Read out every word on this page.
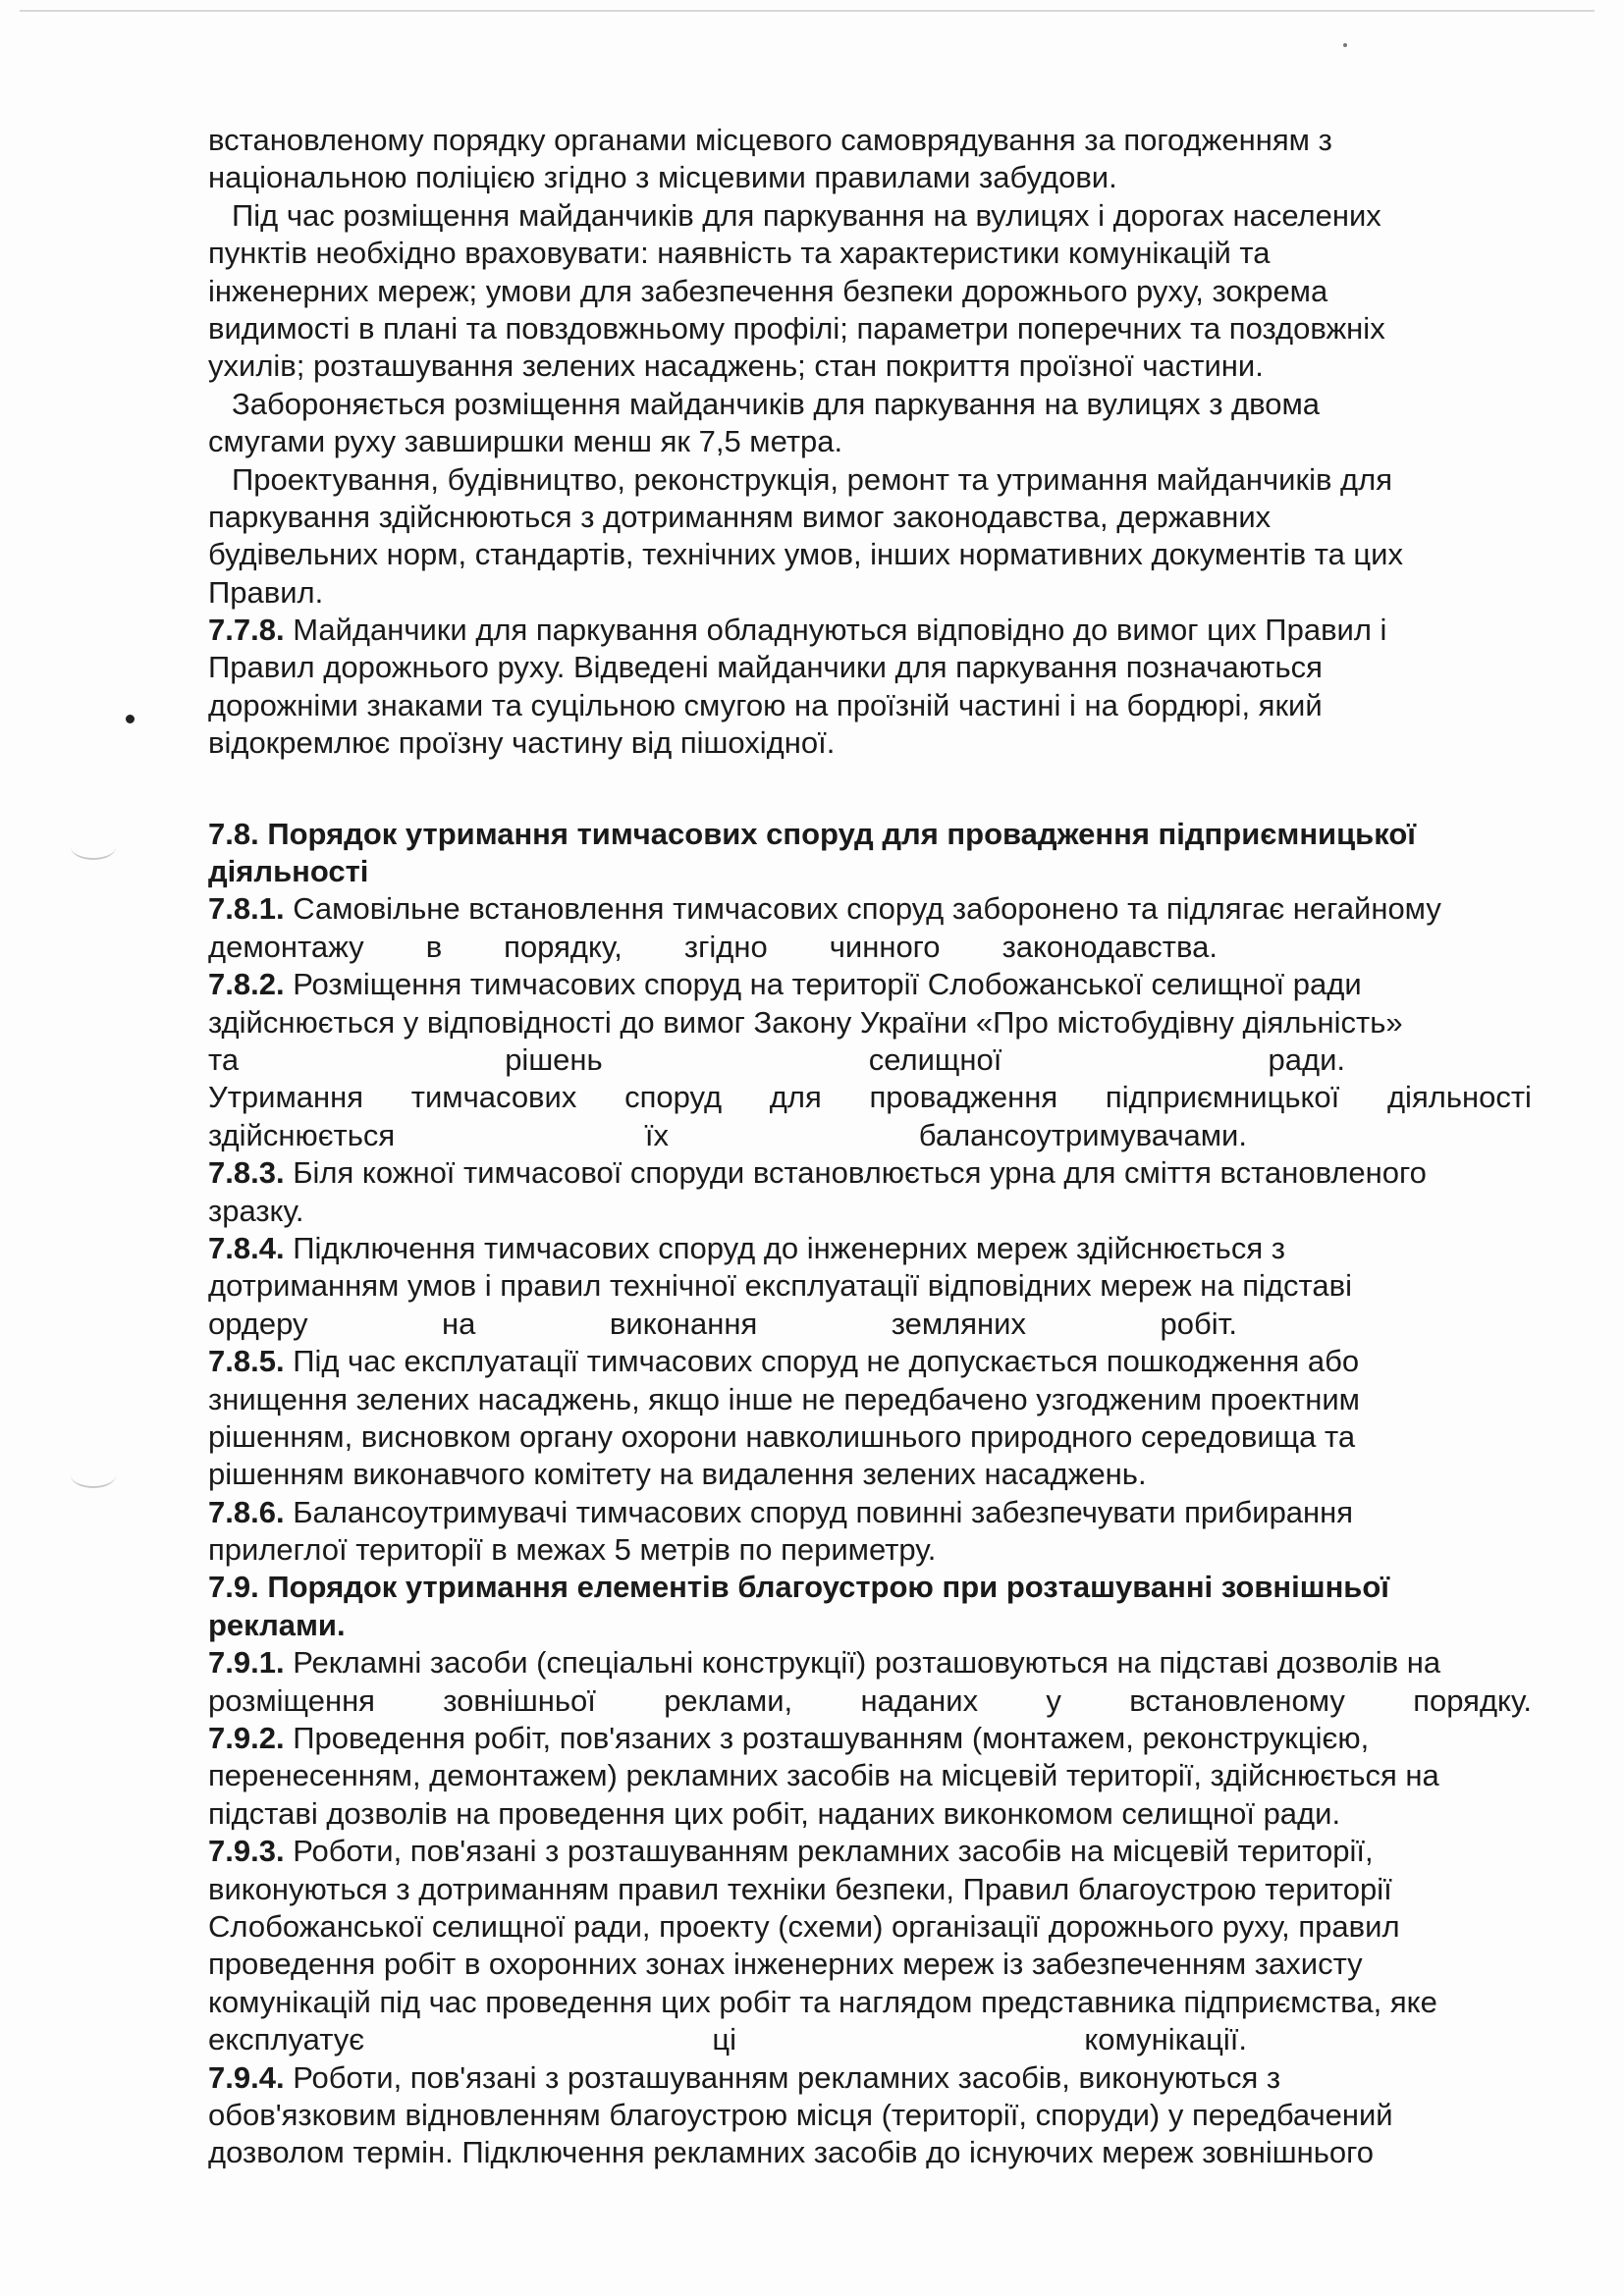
встановленому порядку органами місцевого самоврядування за погодженням з
національною поліцією згідно з місцевими правилами забудови.
Під час розміщення майданчиків для паркування на вулицях і дорогах населених
пунктів необхідно враховувати: наявність та характеристики комунікацій та
інженерних мереж; умови для забезпечення безпеки дорожнього руху, зокрема
видимості в плані та повздовжньому профілі; параметри поперечних та поздовжніх
ухилів; розташування зелених насаджень; стан покриття проїзної частини.
Забороняється розміщення майданчиків для паркування на вулицях з двома
смугами руху завширшки менш як 7,5 метра.
Проектування, будівництво, реконструкція, ремонт та утримання майданчиків для
паркування здійснюються з дотриманням вимог законодавства, державних
будівельних норм, стандартів, технічних умов, інших нормативних документів та цих
Правил.
7.7.8. Майданчики для паркування обладнуються відповідно до вимог цих Правил і
Правил дорожнього руху. Відведені майданчики для паркування позначаються
дорожніми знаками та суцільною смугою на проїзній частині і на бордюрі, який
відокремлює проїзну частину від пішохідної.
7.8. Порядок утримання тимчасових споруд для провадження підприємницької
діяльності
7.8.1. Самовільне встановлення тимчасових споруд заборонено та підлягає негайному
демонтажу в порядку, згідно чинного законодавства.
7.8.2. Розміщення тимчасових споруд на території Слобожанської селищної ради
здійснюється у відповідності до вимог Закону України «Про містобудівну діяльність»
та	рішень	селищної	ради.
Утримання тимчасових споруд для провадження підприємницької діяльності
здійснюється	їх	балансоутримувачами.
7.8.3. Біля кожної тимчасової споруди встановлюється урна для сміття встановленого
зразку.
7.8.4. Підключення тимчасових споруд до інженерних мереж здійснюється з
дотриманням умов і правил технічної експлуатації відповідних мереж на підставі
ордеру	на	виконання	земляних	робіт.
7.8.5. Під час експлуатації тимчасових споруд не допускається пошкодження або
знищення зелених насаджень, якщо інше не передбачено узгодженим проектним
рішенням, висновком органу охорони навколишнього природного середовища та
рішенням виконавчого комітету на видалення зелених насаджень.
7.8.6. Балансоутримувачі тимчасових споруд повинні забезпечувати прибирання
прилеглої території в межах 5 метрів по периметру.
7.9. Порядок утримання елементів благоустрою при розташуванні зовнішньої
реклами.
7.9.1. Рекламні засоби (спеціальні конструкції) розташовуються на підставі дозволів на
розміщення зовнішньої реклами, наданих у встановленому порядку.
7.9.2. Проведення робіт, пов'язаних з розташуванням (монтажем, реконструкцією,
перенесенням, демонтажем) рекламних засобів на місцевій території, здійснюється на
підставі дозволів на проведення цих робіт, наданих виконкомом селищної ради.
7.9.3. Роботи, пов'язані з розташуванням рекламних засобів на місцевій території,
виконуються з дотриманням правил техніки безпеки, Правил благоустрою території
Слобожанської селищної ради, проекту (схеми) організації дорожнього руху, правил
проведення робіт в охоронних зонах інженерних мереж із забезпеченням захисту
комунікацій під час проведення цих робіт та наглядом представника підприємства, яке
експлуатує	ці	комунікації.
7.9.4. Роботи, пов'язані з розташуванням рекламних засобів, виконуються з
обов'язковим відновленням благоустрою місця (території, споруди) у передбачений
дозволом термін. Підключення рекламних засобів до існуючих мереж зовнішнього
